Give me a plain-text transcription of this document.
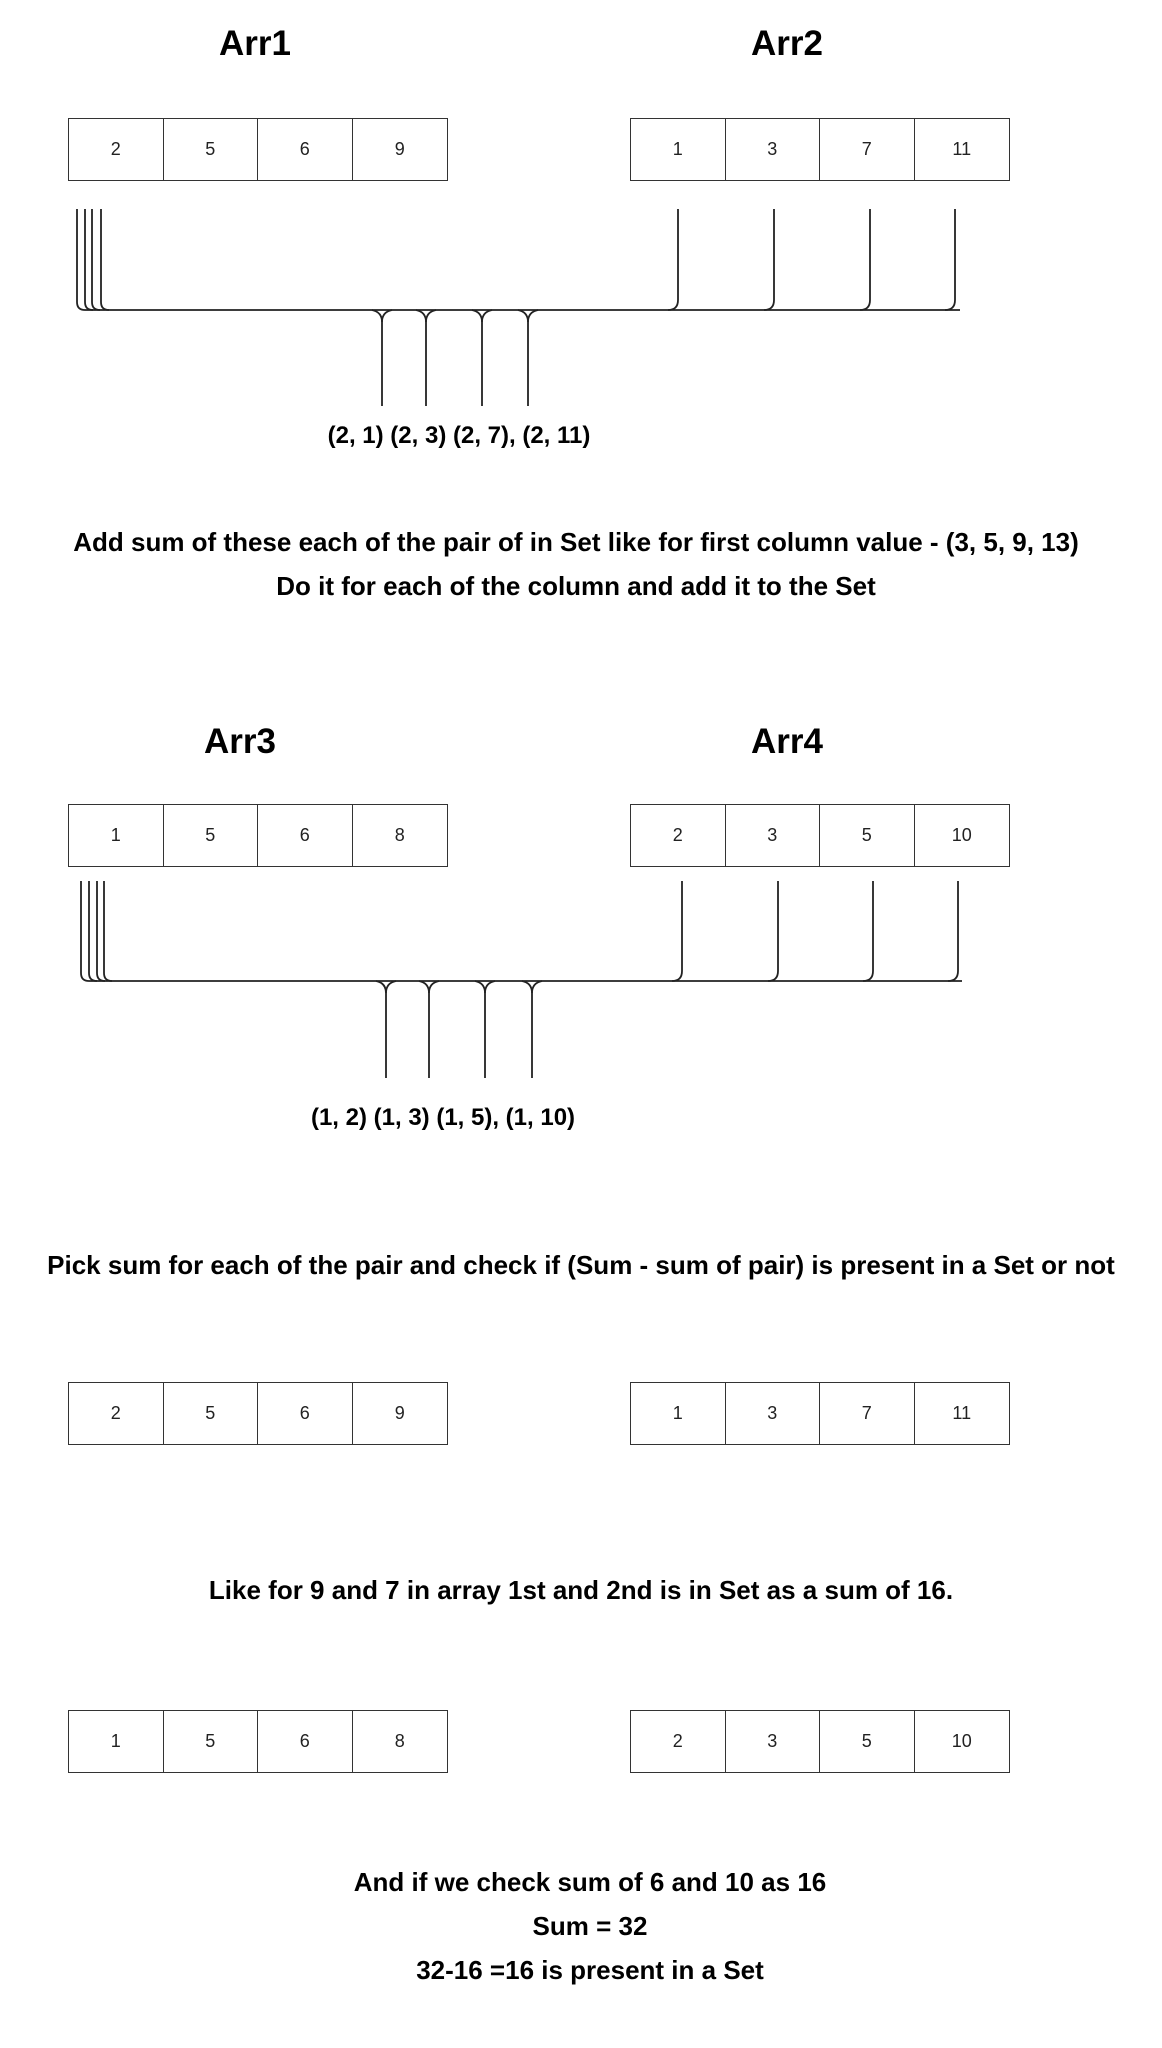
Arr1	Arr2
2	5	6	9	1	3	7	11
(2, 1) (2, 3) (2, 7), (2, 11)
Add sum of these each of the pair of in Set like for first column value - (3, 5, 9, 13)
Do it for each of the column and add it to the Set
Arr3	Arr4
1	5	6	8	2	3	5	10
(1, 2) (1, 3) (1, 5), (1, 10)
Pick sum for each of the pair and check if (Sum - sum of pair) is present in a Set or not
2	5	6	9	1	3	7	11
Like for 9 and 7 in array 1st and 2nd is in Set as a sum of 16.
1	5	6	8	2	3	5	10
And if we check sum of 6 and 10 as 16
Sum = 32
32-16 =16 is present in a Set
